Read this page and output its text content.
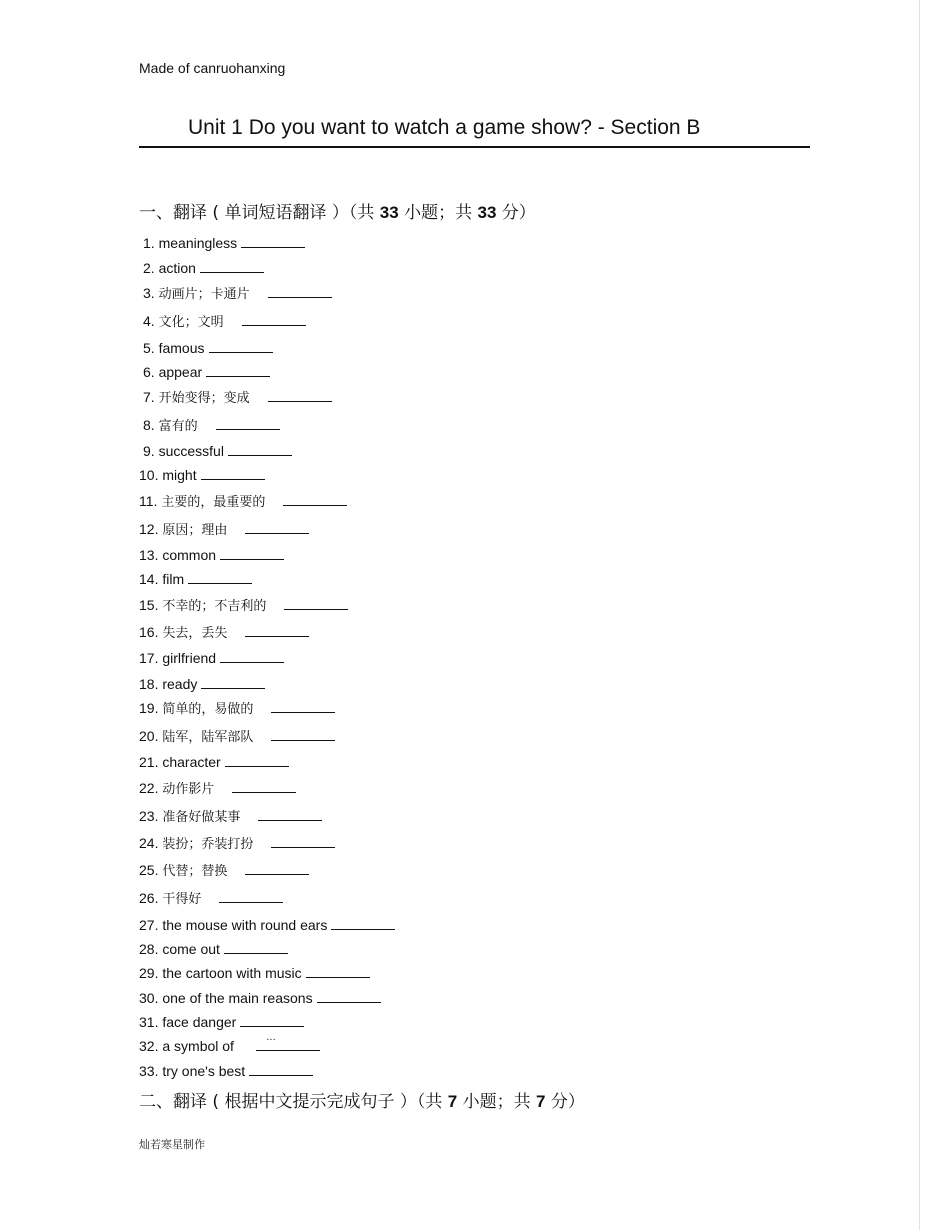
Made of canruohanxing
Unit 1 Do you want to watch a game show? - Section B
一、翻译 ( 单词短语翻译 ）（共 33 小题；共 33 分）
1. meaningless
2. action
3. 动画片；卡通片
4. 文化；文明
5. famous
6. appear
7. 开始变得；变成
8. 富有的
9. successful
10. might
11. 主要的，最重要的
12. 原因；理由
13. common
14. film
15. 不幸的；不吉利的
16. 失去，丢失
17. girlfriend
18. ready
19. 简单的，易做的
20. 陆军，陆军部队
21. character
22. 动作影片
23. 准备好做某事
24. 装扮；乔装打扮
25. 代替；替换
26. 干得好
27. the mouse with round ears
28. come out
29. the cartoon with music
30. one of the main reasons
31. face danger
32. a symbol of
…
33. try one's best
二、翻译 ( 根据中文提示完成句子 ）（共 7 小题；共 7 分）
灿若寒星制作
